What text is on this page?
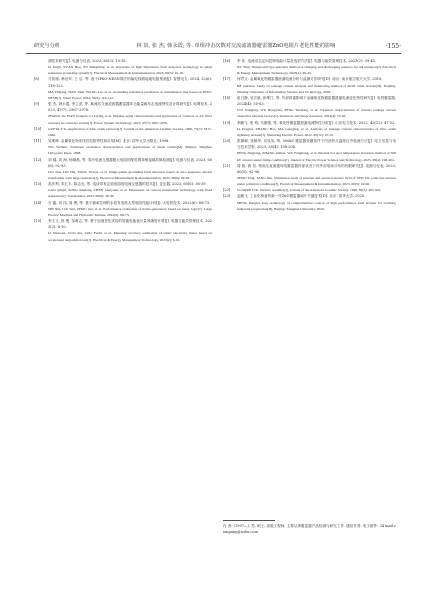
研究与分析	林 泉, 张 杰, 韩永霞, 等. 单组冲击次数对交流滤波器避雷器ZnO电阻片老化性能的影响	·155·
测技术研究[J]. 电测与仪表, 2023, 60(3): 10-18.
LI Jingli, YUAN Hao, XU Mingming, et al. Overview of high impedance fault detection technology in small resistance grounding system[J]. Electrical Measurement & Instrumentation, 2023, 60(3): 10-18.
[8]	马智刚, 韩宜军, 王 启, 等. 基于IPSO-NESN算法的输电线路接地电阻预测[J]. 智慧电力, 2024, 52(6): 116-122.
MA Zhigang, HAN Jijun, WANG Lei, et al. Grounding resistance prediction of transmission line based on IPSO-NESN[J]. Smart Power, 2024, 52(6): 116-122.
[9]	张 杰, 韩永霞, 李立浧, 等. 换流站交流滤波器避雷器冲击能量耐冲击电流特性及计算研究[J]. 电网技术, 2023, 47(7): 2967-2976.
ZHANG Jie, HAN Yongxia, LI Liying, et al. Impulse aging characteristics and application of varistors of AC filter arresters in converter station[J]. Power System Technology, 2023, 47(7): 2967-2976.
[10]	GUPTA T K. Application of Zinc oxide varistors[J]. Journal of the American Ceramic Society, 1990, 73(7): 1817-1840.
[11]	吴维韩. 金属氧化物非线性电阻特性和应用[M]. 北京: 清华大学出版社, 1998.
WU Weihan. Nonlinear resistance characteristics and applications of metal oxides[M]. Beijing: Tsinghua University Press, 1998.
[12]	刘 健, 刘 海, 杨晓燕, 等. 零序电流互感器极大电阻的配电网单相接地故障检测[J]. 电测与仪表, 2023, 60(6): 92-95.
LIU Jian, LIU Hai, YANG Xiaoyi, et al. Single-phase grounding fault detection based on zero-sequence current transformer with large resistance[J]. Electrical Measurement & Instrumentation, 2023, 60(6): 92-95.
[13]	高庆利, 宋汇丰, 陈志光, 等. 浅谈带有定值电阻的电流互感器的技术[J]. 变压器, 2023, 60(6): 36-39.
GAO Qingli, SONG Renfeng, CHEN Lianyuan, et al. Discussion on current transformer technology with fixed resistance[J]. Transformer, 2023, 60(6): 36-39.
[14]	石 鑫, 刘 伟, 周 俊, 等. 基于频率拉伸的水轮发电机大型电阻性能评价[J]. 大电机技术, 2022(6): 68-73.
SHI Xin, LIU Wei, ZHOU Jun, et al. Performance evaluation of hydro-generators based on fuzzy logic[J]. Large Electric Machine and Hydraulic Turbine, 2022(6): 68-73.
[15]	李文义, 郭 俊, 邹甫志, 等. 基于加速老化试验的智能电能表计量准确度计算[J]. 电器与能效管理技术, 2023(2): 6-10.
LI Wenwen, GUO Jun, ZOU Fuzhi, et al. Metering accuracy estimation of smart electricity meter based on accelerated degradation test[J]. Electrical & Energy Management Technology, 2023(2): 6-10.
[16]	李 佳. 电流动态定向控制电能计量及选型方法[J]. 电器与能效管理技术, 2023(2): 39-43.
XU Ying. Design and type selection method of charging and discharging resistors for rail transport[J]. Electrical & Energy Management Technology, 2023(2): 39-43.
[17]	何君文. 金属氧化物避雷器泄漏电流分析与监测方法研究[D]. 南京: 南京航空航天大学, 2018.
HE Guixian. Study on leakage current analysis and monitoring method of metal oxide arrester[D]. Nanjing: Nanjing University of Information Science and Technology, 2018.
[18]	崔日静, 吴宏斌, 彭维江, 等. 外部因素影响下金属氧化物避雷器泄漏电流变化特性研究[J]. 电瓷避雷器, 2024(4): 55-63.
CUI Jiangjing, WU Hongxian, PENG Yuehong, et al. Variation characteristics of arrester leakage current caused by external factors[J]. Insulators and Surge Arresters, 2024(4): 55-63.
[19]	李鹏飞, 张 鸣, 马刚强, 等. 氧化锌避雷器泄漏电流特性分析[J]. 山东电力技术, 2022, 49(12): 47-52.
LI Pengfei, ZHANG Hao, MA Gangjing, et al. Analysis of leakage current characteristics of Zinc oxide lightning arrester[J]. Shandong Electric Power, 2022, 49(12): 47-52.
[20]	彭静颐, 张朝华, 吴凤英, 等. 500kV 避雷器受潮条件下内部热点温度红外检测方法[J]. 电力信息与电力技术学报, 2023, 38(4): 198-204.
PENG Jingjiang, ZHANG Zaihua, WU Fengliang, et al. Internal hot spot temperature inversion method of 500 kV arrester under damp condition[J]. Journal of Electric Power Science and Technology, 2023, 38(4): 198-204.
[21]	周 筱, 唐 信. 特高压直流极母线避雷器内部状况下内外部电场分布的有限研究[J]. 电测与仪表, 2023, 60(5): 92-96.
ZHOU Ting, TANG Xin. Simulation study of internal and external electric field of UHV DC polar bus arrester under pollution conditions[J]. Electrical Measurement & Instrumentation, 2023, 60(5): 92-96.
[22]	CLARKE D R. Varistor ceramics[J]. Journal of the American Ceramic Society, 1999, 82(3): 485-502.
[23]	孟鹏飞. 工业化制备的新一代ZnO避雷器阀片关键技术[D]. 北京: 清华大学, 2020.
MENG Pengfei. Key technology of comprehensive control of high performance ZnO arrester for realizing industrial preparation[D]. Beijing: Tsinghua University, 2020.
作 者: (1997—), 男, 硕士, 高级工程师, 主要从事避雷器产品检测与研究工作. 通信作者: 电子邮件: 34 mail.company@sohu.com
